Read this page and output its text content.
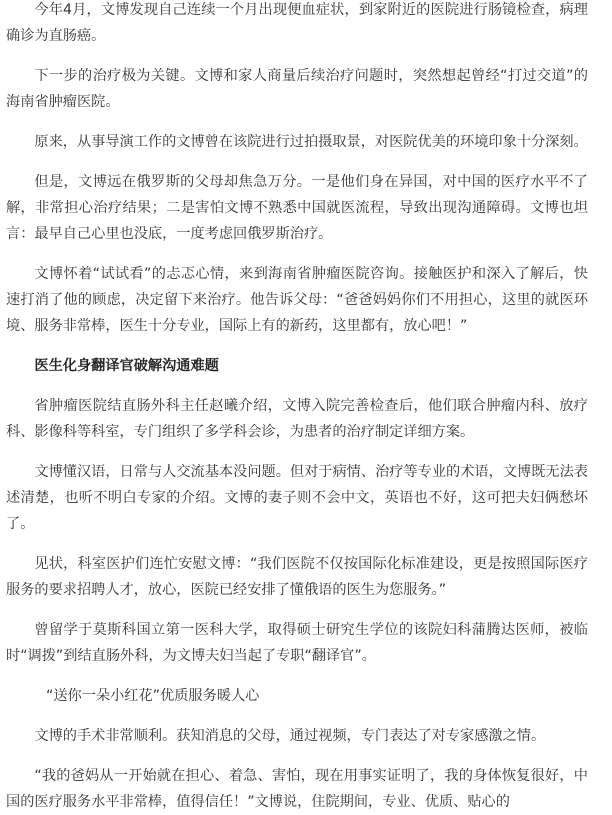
今年4月，文博发现自己连续一个月出现便血症状，到家附近的医院进行肠镜检查，病理确诊为直肠癌。

下一步的治疗极为关键。文博和家人商量后续治疗问题时，突然想起曾经“打过交道”的海南省肿瘤医院。

原来，从事导演工作的文博曾在该院进行过拍摄取景，对医院优美的环境印象十分深刻。

但是，文博远在俄罗斯的父母却焦急万分。一是他们身在异国，对中国的医疗水平不了解，非常担心治疗结果；二是害怕文博不熟悉中国就医流程，导致出现沟通障碍。文博也坦言：最早自己心里也没底，一度考虑回俄罗斯治疗。

文博怀着“试试看”的忐忑心情，来到海南省肿瘤医院咨询。接触医护和深入了解后，快速打消了他的顾虑，决定留下来治疗。他告诉父母：“爸爸妈妈你们不用担心，这里的就医环境、服务非常棒，医生十分专业，国际上有的新药，这里都有，放心吧！”

医生化身翻译官破解沟通难题

省肿瘤医院结直肠外科主任赵曦介绍，文博入院完善检查后，他们联合肿瘤内科、放疗科、影像科等科室，专门组织了多学科会诊，为患者的治疗制定详细方案。

文博懂汉语，日常与人交流基本没问题。但对于病情、治疗等专业的术语，文博既无法表述清楚，也听不明白专家的介绍。文博的妻子则不会中文，英语也不好，这可把夫妇俩愁坏了。

见状，科室医护们连忙安慰文博：“我们医院不仅按国际化标准建设，更是按照国际医疗服务的要求招聘人才，放心，医院已经安排了懂俄语的医生为您服务。”

曾留学于莫斯科国立第一医科大学，取得硕士研究生学位的该院妇科蒲腾达医师，被临时“调拨”到结直肠外科，为文博夫妇当起了专职“翻译官”。

“送你一朵小红花”优质服务暖人心

文博的手术非常顺利。获知消息的父母，通过视频，专门表达了对专家感激之情。

“我的爸妈从一开始就在担心、着急、害怕，现在用事实证明了，我的身体恢复很好，中国的医疗服务水平非常棒，值得信任！”文博说，住院期间，专业、优质、贴心的
